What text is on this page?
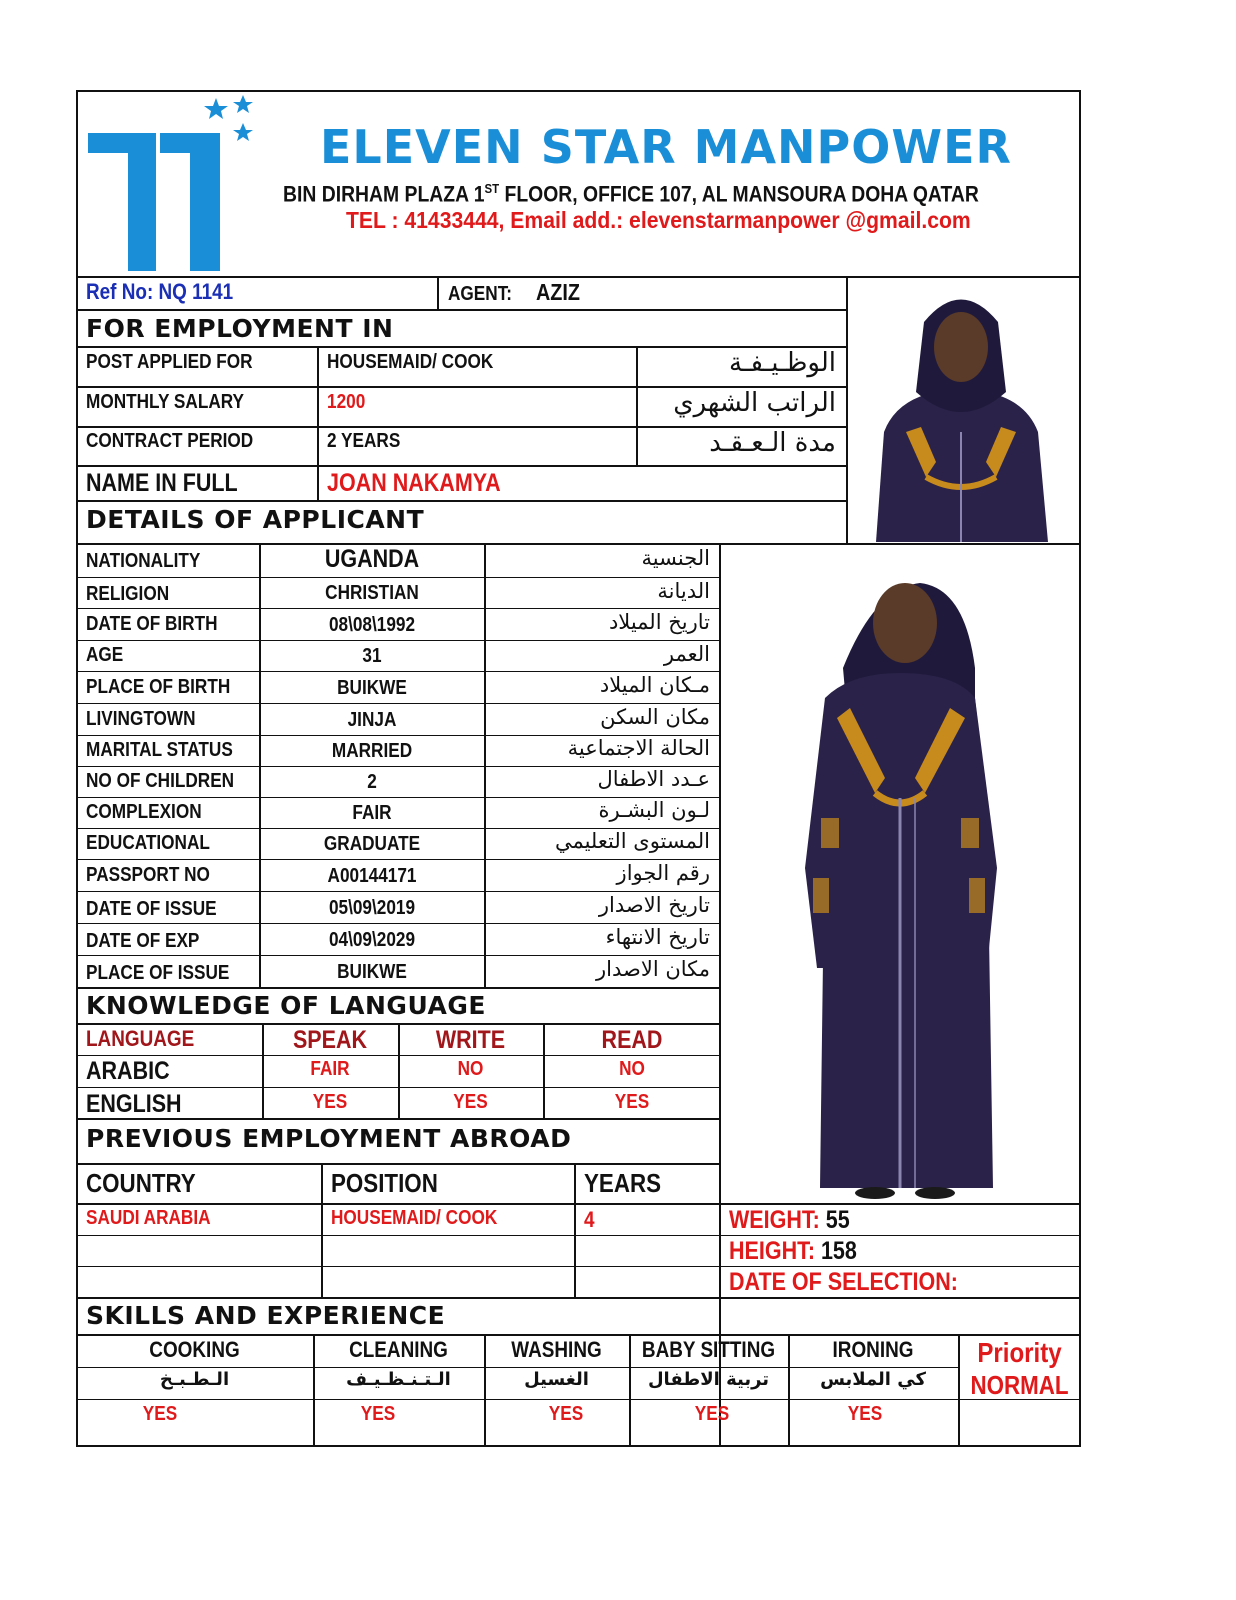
ELEVEN STAR MANPOWER
BIN DIRHAM PLAZA 1ST FLOOR, OFFICE 107, AL MANSOURA DOHA QATAR
TEL : 41433444, Email add.: elevenstarmanpower @gmail.com
Ref No: NQ 1141	AGENT: AZIZ
FOR EMPLOYMENT IN
POST APPLIED FOR	HOUSEMAID/ COOK	الوظـيـفـة
MONTHLY SALARY	1200	الراتب الشهري
CONTRACT PERIOD	2 YEARS	مدة الـعـقـد
NAME IN FULL	JOAN NAKAMYA
DETAILS OF APPLICANT
NATIONALITY	UGANDA	الجنسية
RELIGION	CHRISTIAN	الديانة
DATE OF BIRTH	08\08\1992	تاريخ الميلاد
AGE	31	العمر
PLACE OF BIRTH	BUIKWE	مـكان الميلاد
LIVINGTOWN	JINJA	مكان السكن
MARITAL STATUS	MARRIED	الحالة الاجتماعية
NO OF CHILDREN	2	عـدد الاطفال
COMPLEXION	FAIR	لـون البشـرة
EDUCATIONAL	GRADUATE	المستوى التعليمي
PASSPORT NO	A00144171	رقم الجواز
DATE OF ISSUE	05\09\2019	تاريخ الاصدار
DATE OF EXP	04\09\2029	تاريخ الانتهاء
PLACE OF ISSUE	BUIKWE	مكان الاصدار
KNOWLEDGE OF LANGUAGE
LANGUAGE	SPEAK	WRITE	READ
ARABIC	FAIR	NO	NO
ENGLISH	YES	YES	YES
PREVIOUS EMPLOYMENT ABROAD
COUNTRY	POSITION	YEARS
SAUDI ARABIA	HOUSEMAID/ COOK	4	WEIGHT: 55
HEIGHT: 158
DATE OF SELECTION:
SKILLS AND EXPERIENCE
COOKING	CLEANING	WASHING	BABY SITTING	IRONING
الـطـبـخ	الـتـنـظـيـف	الغسيل	تربية الاطفال	كي الملابس
YES	YES	YES	YES	YES
Priority
NORMAL
